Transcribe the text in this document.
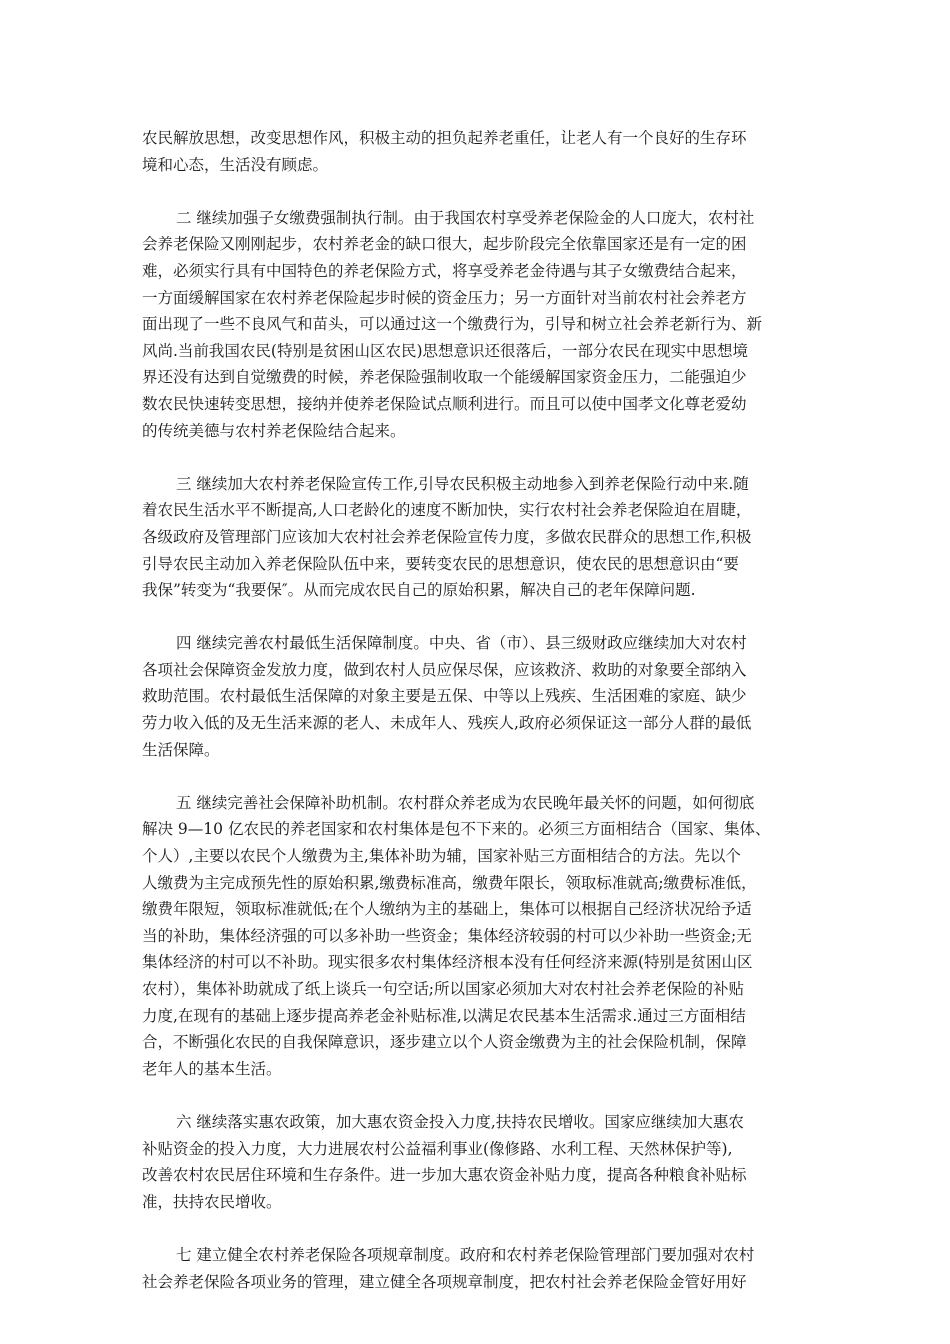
农民解放思想，改变思想作风，积极主动的担负起养老重任，让老人有一个良好的生存环
境和心态，生活没有顾虑。
二 继续加强子女缴费强制执行制。由于我国农村享受养老保险金的人口庞大，农村社
会养老保险又刚刚起步，农村养老金的缺口很大，起步阶段完全依靠国家还是有一定的困
难，必须实行具有中国特色的养老保险方式，将享受养老金待遇与其子女缴费结合起来，
一方面缓解国家在农村养老保险起步时候的资金压力；另一方面针对当前农村社会养老方
面出现了一些不良风气和苗头，可以通过这一个缴费行为，引导和树立社会养老新行为、新
风尚.当前我国农民(特别是贫困山区农民)思想意识还很落后，一部分农民在现实中思想境
界还没有达到自觉缴费的时候，养老保险强制收取一个能缓解国家资金压力，二能强迫少
数农民快速转变思想，接纳并使养老保险试点顺利进行。而且可以使中国孝文化尊老爱幼
的传统美德与农村养老保险结合起来。
三 继续加大农村养老保险宣传工作,引导农民积极主动地参入到养老保险行动中来.随
着农民生活水平不断提高,人口老龄化的速度不断加快，实行农村社会养老保险迫在眉睫，
各级政府及管理部门应该加大农村社会养老保险宣传力度，多做农民群众的思想工作,积极
引导农民主动加入养老保险队伍中来，要转变农民的思想意识，使农民的思想意识由“要
我保”转变为“我要保″。从而完成农民自己的原始积累，解决自己的老年保障问题.
四 继续完善农村最低生活保障制度。中央、省（市）、县三级财政应继续加大对农村
各项社会保障资金发放力度，做到农村人员应保尽保，应该救济、救助的对象要全部纳入
救助范围。农村最低生活保障的对象主要是五保、中等以上残疾、生活困难的家庭、缺少
劳力收入低的及无生活来源的老人、未成年人、残疾人,政府必须保证这一部分人群的最低
生活保障。
五 继续完善社会保障补助机制。农村群众养老成为农民晚年最关怀的问题，如何彻底
解决 9—10 亿农民的养老国家和农村集体是包不下来的。必须三方面相结合（国家、集体、
个人）,主要以农民个人缴费为主,集体补助为辅，国家补贴三方面相结合的方法。先以个
人缴费为主完成预先性的原始积累,缴费标准高，缴费年限长，领取标准就高;缴费标准低，
缴费年限短，领取标准就低;在个人缴纳为主的基础上，集体可以根据自己经济状况给予适
当的补助，集体经济强的可以多补助一些资金；集体经济较弱的村可以少补助一些资金;无
集体经济的村可以不补助。现实很多农村集体经济根本没有任何经济来源(特别是贫困山区
农村），集体补助就成了纸上谈兵一句空话;所以国家必须加大对农村社会养老保险的补贴
力度,在现有的基础上逐步提高养老金补贴标准,以满足农民基本生活需求.通过三方面相结
合，不断强化农民的自我保障意识，逐步建立以个人资金缴费为主的社会保险机制，保障
老年人的基本生活。
六 继续落实惠农政策，加大惠农资金投入力度,扶持农民增收。国家应继续加大惠农
补贴资金的投入力度，大力进展农村公益福利事业(像修路、水利工程、天然林保护等),
改善农村农民居住环境和生存条件。进一步加大惠农资金补贴力度，提高各种粮食补贴标
准，扶持农民增收。
七 建立健全农村养老保险各项规章制度。政府和农村养老保险管理部门要加强对农村
社会养老保险各项业务的管理，建立健全各项规章制度，把农村社会养老保险金管好用好
